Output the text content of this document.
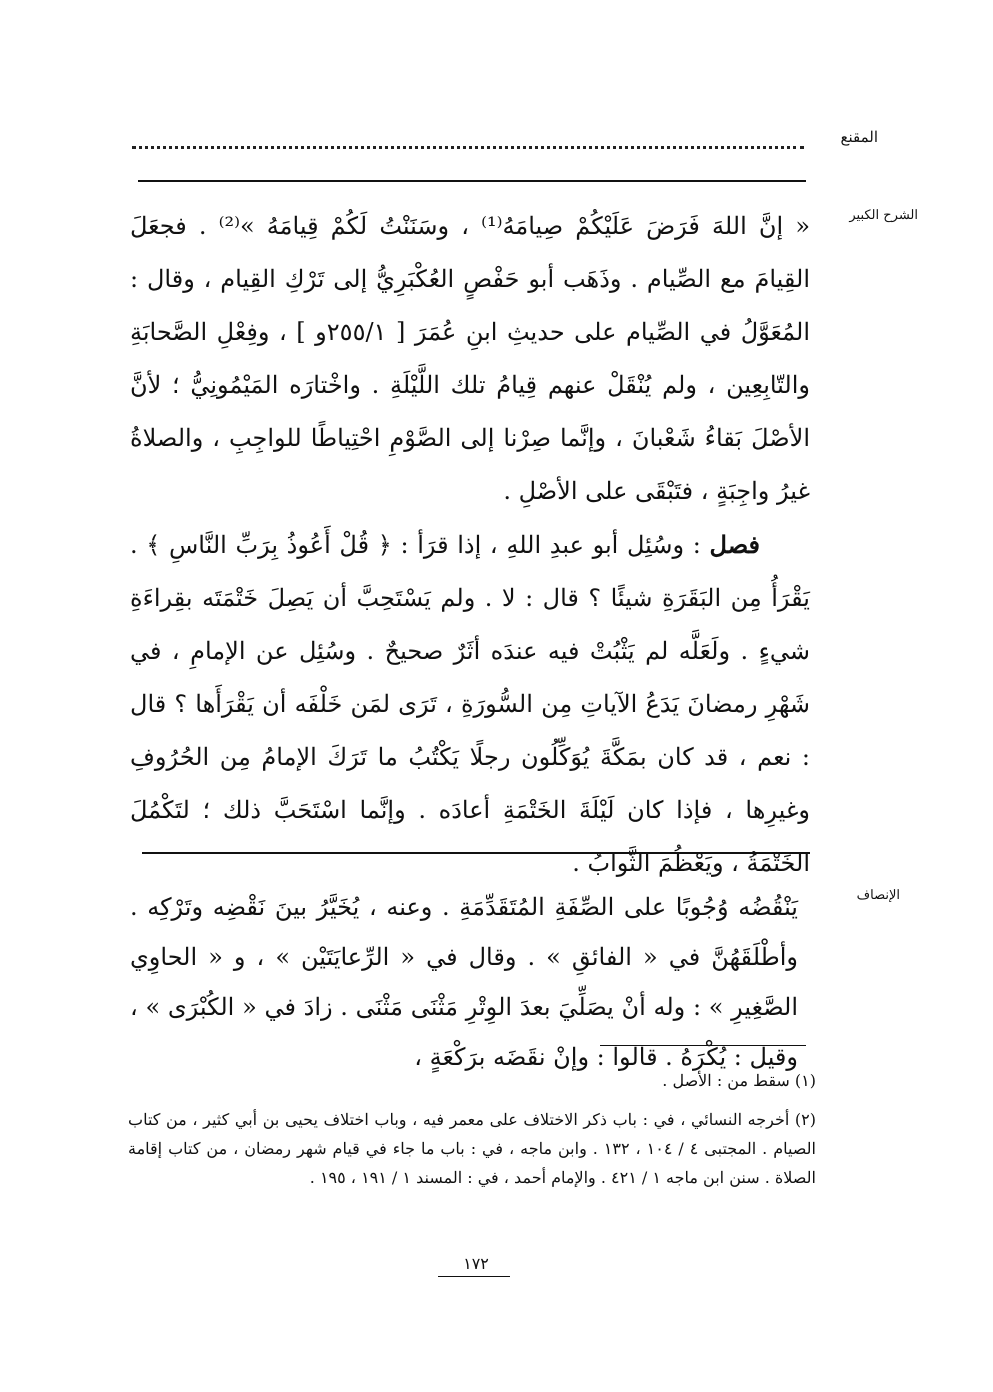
المقنع
الشرح الكبير

« إنَّ اللهَ فَرَضَ عَلَيْكُمْ صِيامَهُ⁽¹⁾ ، وسَنَنْتُ لَكُمْ قِيامَهُ »⁽²⁾ . فجعَلَ القِيامَ مع الصِّيام . وذَهَب أبو حَفْصٍ العُكْبَرِيُّ إلى تَرْكِ القِيام ، وقال : المُعَوَّلُ في الصِّيام على حديثِ ابنِ عُمَرَ [ ٢٥٥/١و ] ، وفِعْلِ الصَّحابَةِ والتّابِعِين ، ولم يُنْقَلْ عنهم قِيامُ تلك اللَّيْلَةِ . واخْتارَه المَيْمُونِيُّ ؛ لأنَّ الأصْلَ بَقاءُ شَعْبانَ ، وإنَّما صِرْنا إلى الصَّوْمِ احْتِياطًا للواجِبِ ، والصلاةُ غيرُ واجِبَةٍ ، فتَبْقَى على الأصْلِ .

فصل : وسُئِل أبو عبدِ اللهِ ، إذا قرَأ : ﴿ قُلْ أَعُوذُ بِرَبِّ النَّاسِ ﴾ . يَقْرَأُ مِن البَقَرَةِ شيئًا ؟ قال : لا . ولم يَسْتَحِبَّ أن يَصِلَ خَتْمَتَه بقِراءَةِ شيءٍ . ولَعَلَّه لم يَثْبُتْ فيه عندَه أثَرٌ صحيحٌ . وسُئِل عن الإمامِ ، في شَهْرِ رمضانَ يَدَعُ الآياتِ مِن السُّورَةِ ، تَرَى لمَن خَلْفَه أن يَقْرَأَها ؟ قال : نعم ، قد كان بمَكَّةَ يُوَكِّلُون رجلًا يَكْتُبُ ما تَرَكَ الإمامُ مِن الحُرُوفِ وغيرِها ، فإذا كان لَيْلَةَ الخَتْمَةِ أعادَه . وإنَّما اسْتَحَبَّ ذلك ؛ لتَكْمُلَ الخَتْمَةُ ، ويَعْظُمَ الثَّوابُ .

الإنصاف
يَنْقُضُه وُجُوبًا على الصِّفَةِ المُتَقَدِّمَةِ . وعنه ، يُخَيَّرُ بينَ نَقْضِه وتَرْكِه . وأطْلَقَهُنَّ في « الفائقِ » . وقال في « الرِّعايَتَيْن » ، و « الحاوِي الصَّغِيرِ » : وله أنْ يصَلِّيَ بعدَ الوِتْرِ مَثْنَى مَثْنَى . زادَ في « الكُبْرَى » ، وقيل : يُكْرَهُ . قالوا : وإنْ نقَضَه برَكْعَةٍ ،

(١) سقط من : الأصل .

(٢) أخرجه النسائي ، في : باب ذكر الاختلاف على معمر فيه ، وباب اختلاف يحيى بن أبي كثير ، من كتاب الصيام . المجتبى ٤ / ١٠٤ ، ١٣٢ . وابن ماجه ، في : باب ما جاء في قيام شهر رمضان ، من كتاب إقامة الصلاة . سنن ابن ماجه ١ / ٤٢١ . والإمام أحمد ، في : المسند ١ / ١٩١ ، ١٩٥ .

١٧٢
